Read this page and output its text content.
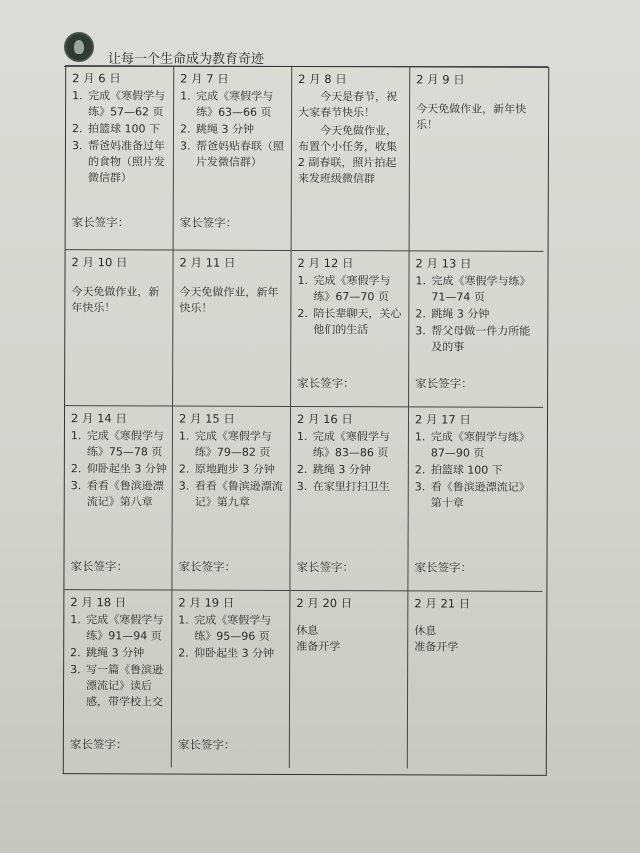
让每一个生命成为教育奇迹
2 月 6 日
1. 完成《寒假学与练》57—62 页
2. 拍篮球 100 下
3. 帮爸妈准备过年的食物（照片发微信群）
家长签字：
2 月 7 日
1. 完成《寒假学与练》63—66 页
2. 跳绳 3 分钟
3. 帮爸妈贴春联（照片发微信群）
家长签字：
2 月 8 日
今天是春节，祝大家春节快乐！
今天免做作业，布置个小任务，收集 2 副春联，照片拍起来发班级微信群
2 月 9 日
今天免做作业，新年快乐！
2 月 10 日
今天免做作业，新年快乐！
2 月 11 日
今天免做作业，新年快乐！
2 月 12 日
1. 完成《寒假学与练》67—70 页
2. 陪长辈聊天，关心他们的生活
家长签字：
2 月 13 日
1. 完成《寒假学与练》71—74 页
2. 跳绳 3 分钟
3. 帮父母做一件力所能及的事
家长签字：
2 月 14 日
1. 完成《寒假学与练》75—78 页
2. 仰卧起坐 3 分钟
3. 看看《鲁滨逊漂流记》第八章
家长签字：
2 月 15 日
1. 完成《寒假学与练》79—82 页
2. 原地跑步 3 分钟
3. 看看《鲁滨逊漂流记》第九章
家长签字：
2 月 16 日
1. 完成《寒假学与练》83—86 页
2. 跳绳 3 分钟
3. 在家里打扫卫生
家长签字：
2 月 17 日
1. 完成《寒假学与练》87—90 页
2. 拍篮球 100 下
3. 看《鲁滨逊漂流记》第十章
家长签字：
2 月 18 日
1. 完成《寒假学与练》91—94 页
2. 跳绳 3 分钟
3. 写一篇《鲁滨逊漂流记》读后感，带学校上交
家长签字：
2 月 19 日
1. 完成《寒假学与练》95—96 页
2. 仰卧起坐 3 分钟
家长签字：
2 月 20 日
休息
准备开学
2 月 21 日
休息
准备开学
